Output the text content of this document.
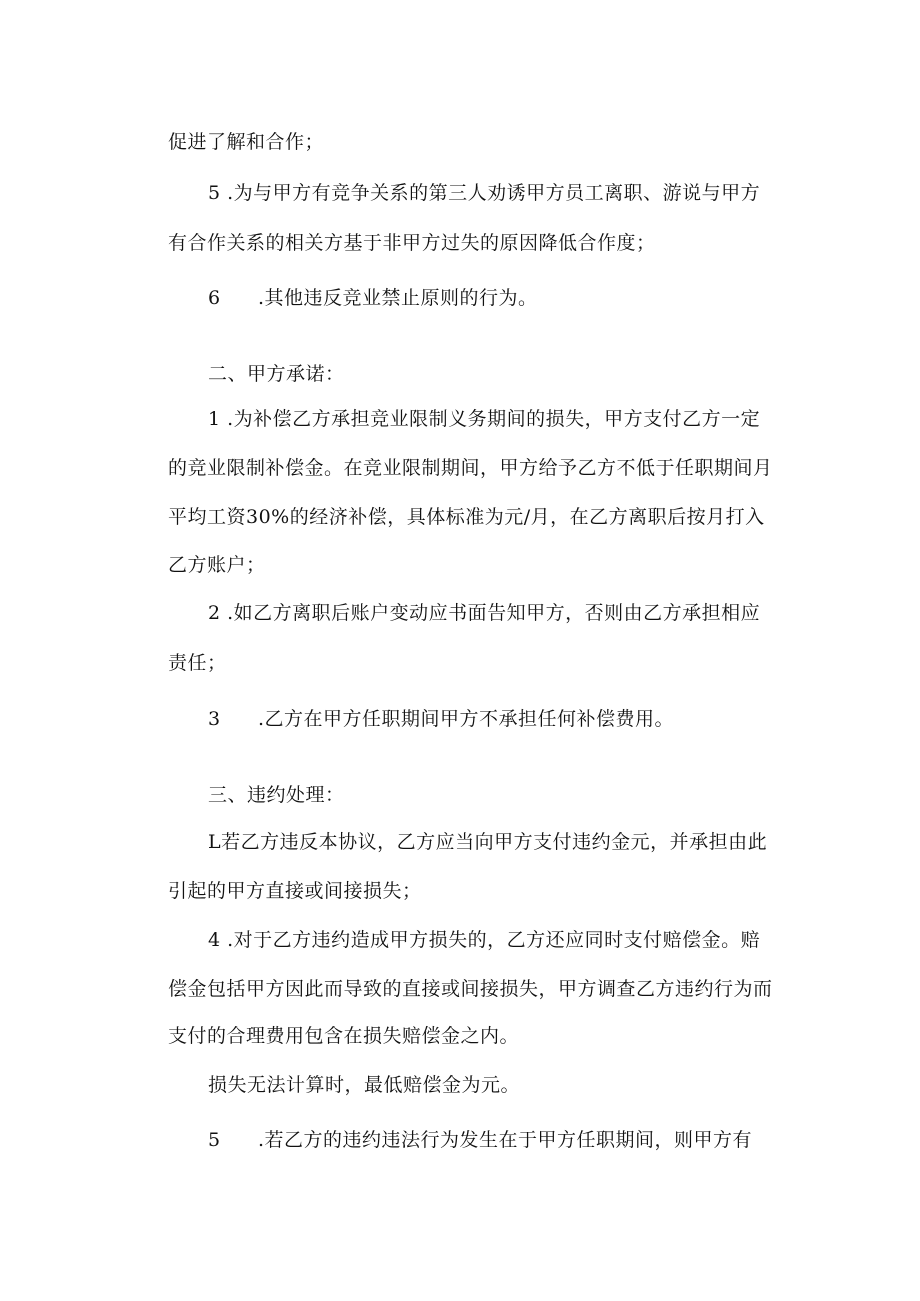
促进了解和合作；
5 .为与甲方有竞争关系的第三人劝诱甲方员工离职、游说与甲方
有合作关系的相关方基于非甲方过失的原因降低合作度；
6 .其他违反竞业禁止原则的行为。
二、甲方承诺：
1 .为补偿乙方承担竞业限制义务期间的损失，甲方支付乙方一定
的竞业限制补偿金。在竞业限制期间，甲方给予乙方不低于任职期间月
平均工资30%的经济补偿，具体标准为元/月，在乙方离职后按月打入
乙方账户；
2 .如乙方离职后账户变动应书面告知甲方，否则由乙方承担相应
责任；
3 .乙方在甲方任职期间甲方不承担任何补偿费用。
三、违约处理：
L若乙方违反本协议，乙方应当向甲方支付违约金元，并承担由此
引起的甲方直接或间接损失；
4 .对于乙方违约造成甲方损失的，乙方还应同时支付赔偿金。赔
偿金包括甲方因此而导致的直接或间接损失，甲方调查乙方违约行为而
支付的合理费用包含在损失赔偿金之内。
损失无法计算时，最低赔偿金为元。
5 .若乙方的违约违法行为发生在于甲方任职期间，则甲方有
